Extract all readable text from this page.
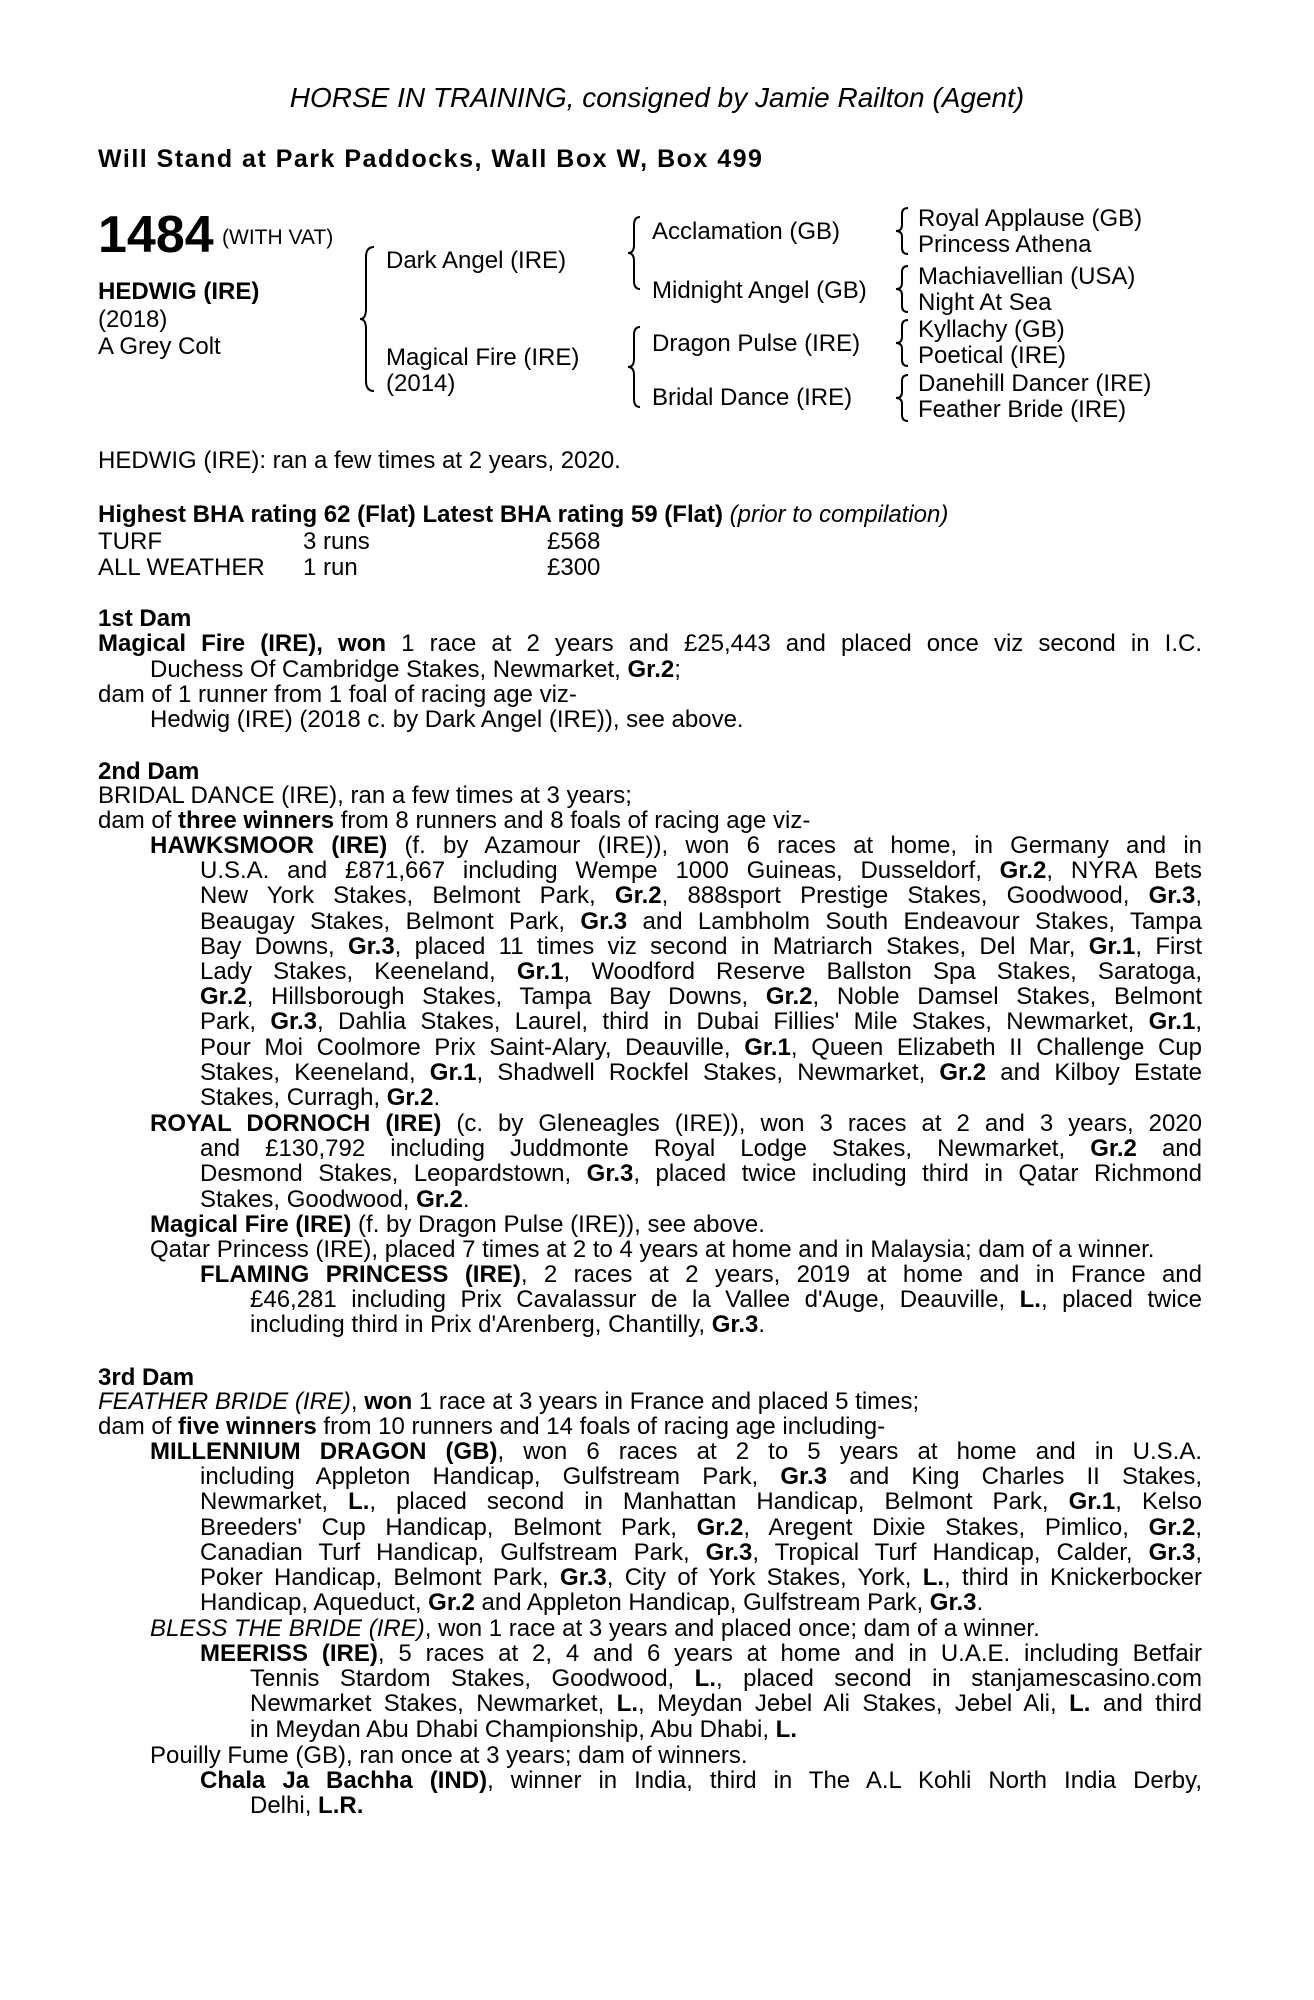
HORSE IN TRAINING, consigned by Jamie Railton (Agent)
Will Stand at Park Paddocks, Wall Box W, Box 499
1484 (WITH VAT)
HEDWIG (IRE)
(2018)
A Grey Colt
Dark Angel (IRE)
Magical Fire (IRE)
(2014)
Acclamation (GB)
Midnight Angel (GB)
Dragon Pulse (IRE)
Bridal Dance (IRE)
Royal Applause (GB)
Princess Athena
Machiavellian (USA)
Night At Sea
Kyllachy (GB)
Poetical (IRE)
Danehill Dancer (IRE)
Feather Bride (IRE)
HEDWIG (IRE): ran a few times at 2 years, 2020.
Highest BHA rating 62 (Flat) Latest BHA rating 59 (Flat) (prior to compilation)
TURF	3 runs	£568
ALL WEATHER 1 run	£300
1st Dam
Magical Fire (IRE), won 1 race at 2 years and £25,443 and placed once viz second in I.C.
Duchess Of Cambridge Stakes, Newmarket, Gr.2;
dam of 1 runner from 1 foal of racing age viz-
Hedwig (IRE) (2018 c. by Dark Angel (IRE)), see above.
2nd Dam
BRIDAL DANCE (IRE), ran a few times at 3 years;
dam of three winners from 8 runners and 8 foals of racing age viz-
HAWKSMOOR (IRE) (f. by Azamour (IRE)), won 6 races at home, in Germany and in
U.S.A. and £871,667 including Wempe 1000 Guineas, Dusseldorf, Gr.2, NYRA Bets
New York Stakes, Belmont Park, Gr.2, 888sport Prestige Stakes, Goodwood, Gr.3,
Beaugay Stakes, Belmont Park, Gr.3 and Lambholm South Endeavour Stakes, Tampa
Bay Downs, Gr.3, placed 11 times viz second in Matriarch Stakes, Del Mar, Gr.1, First
Lady Stakes, Keeneland, Gr.1, Woodford Reserve Ballston Spa Stakes, Saratoga,
Gr.2, Hillsborough Stakes, Tampa Bay Downs, Gr.2, Noble Damsel Stakes, Belmont
Park, Gr.3, Dahlia Stakes, Laurel, third in Dubai Fillies' Mile Stakes, Newmarket, Gr.1,
Pour Moi Coolmore Prix Saint-Alary, Deauville, Gr.1, Queen Elizabeth II Challenge Cup
Stakes, Keeneland, Gr.1, Shadwell Rockfel Stakes, Newmarket, Gr.2 and Kilboy Estate
Stakes, Curragh, Gr.2.
ROYAL DORNOCH (IRE) (c. by Gleneagles (IRE)), won 3 races at 2 and 3 years, 2020
and £130,792 including Juddmonte Royal Lodge Stakes, Newmarket, Gr.2 and
Desmond Stakes, Leopardstown, Gr.3, placed twice including third in Qatar Richmond
Stakes, Goodwood, Gr.2.
Magical Fire (IRE) (f. by Dragon Pulse (IRE)), see above.
Qatar Princess (IRE), placed 7 times at 2 to 4 years at home and in Malaysia; dam of a winner.
FLAMING PRINCESS (IRE), 2 races at 2 years, 2019 at home and in France and
£46,281 including Prix Cavalassur de la Vallee d'Auge, Deauville, L., placed twice
including third in Prix d'Arenberg, Chantilly, Gr.3.
3rd Dam
FEATHER BRIDE (IRE), won 1 race at 3 years in France and placed 5 times;
dam of five winners from 10 runners and 14 foals of racing age including-
MILLENNIUM DRAGON (GB), won 6 races at 2 to 5 years at home and in U.S.A.
including Appleton Handicap, Gulfstream Park, Gr.3 and King Charles II Stakes,
Newmarket, L., placed second in Manhattan Handicap, Belmont Park, Gr.1, Kelso
Breeders' Cup Handicap, Belmont Park, Gr.2, Aregent Dixie Stakes, Pimlico, Gr.2,
Canadian Turf Handicap, Gulfstream Park, Gr.3, Tropical Turf Handicap, Calder, Gr.3,
Poker Handicap, Belmont Park, Gr.3, City of York Stakes, York, L., third in Knickerbocker
Handicap, Aqueduct, Gr.2 and Appleton Handicap, Gulfstream Park, Gr.3.
BLESS THE BRIDE (IRE), won 1 race at 3 years and placed once; dam of a winner.
MEERISS (IRE), 5 races at 2, 4 and 6 years at home and in U.A.E. including Betfair
Tennis Stardom Stakes, Goodwood, L., placed second in stanjamescasino.com
Newmarket Stakes, Newmarket, L., Meydan Jebel Ali Stakes, Jebel Ali, L. and third
in Meydan Abu Dhabi Championship, Abu Dhabi, L.
Pouilly Fume (GB), ran once at 3 years; dam of winners.
Chala Ja Bachha (IND), winner in India, third in The A.L Kohli North India Derby,
Delhi, L.R.
